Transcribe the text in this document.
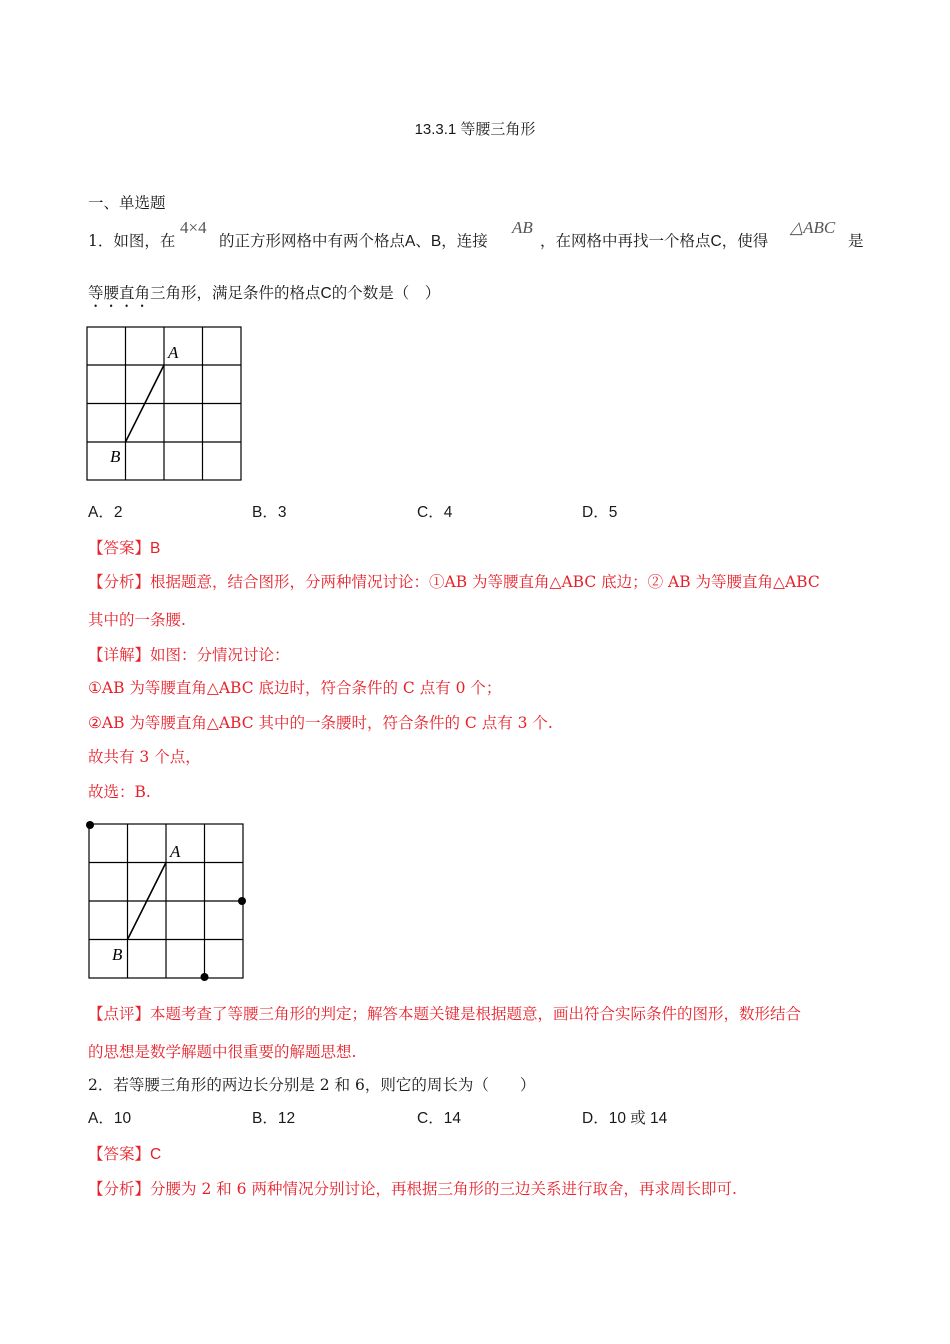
13.3.1 等腰三角形
一、单选题
1．如图，在
4×4
的正方形网格中有两个格点A、B，连接
AB
，在网格中再找一个格点C，使得
△ABC
是
等腰直角三角形，满足条件的格点C的个数是（　）
A
B
A．2	B．3	C．4	D．5
【答案】B
【分析】根据题意，结合图形，分两种情况讨论：①AB 为等腰直角△ABC 底边；② AB 为等腰直角△ABC
其中的一条腰.
【详解】如图：分情况讨论：
①AB 为等腰直角△ABC 底边时，符合条件的 C 点有 0 个；
②AB 为等腰直角△ABC 其中的一条腰时，符合条件的 C 点有 3 个.
故共有 3 个点，
故选：B.
A
B
【点评】本题考查了等腰三角形的判定；解答本题关键是根据题意，画出符合实际条件的图形，数形结合
的思想是数学解题中很重要的解题思想.
2．若等腰三角形的两边长分别是 2 和 6，则它的周长为（　　）
A．10	B．12	C．14	D．10 或 14
【答案】C
【分析】分腰为 2 和 6 两种情况分别讨论，再根据三角形的三边关系进行取舍，再求周长即可.
